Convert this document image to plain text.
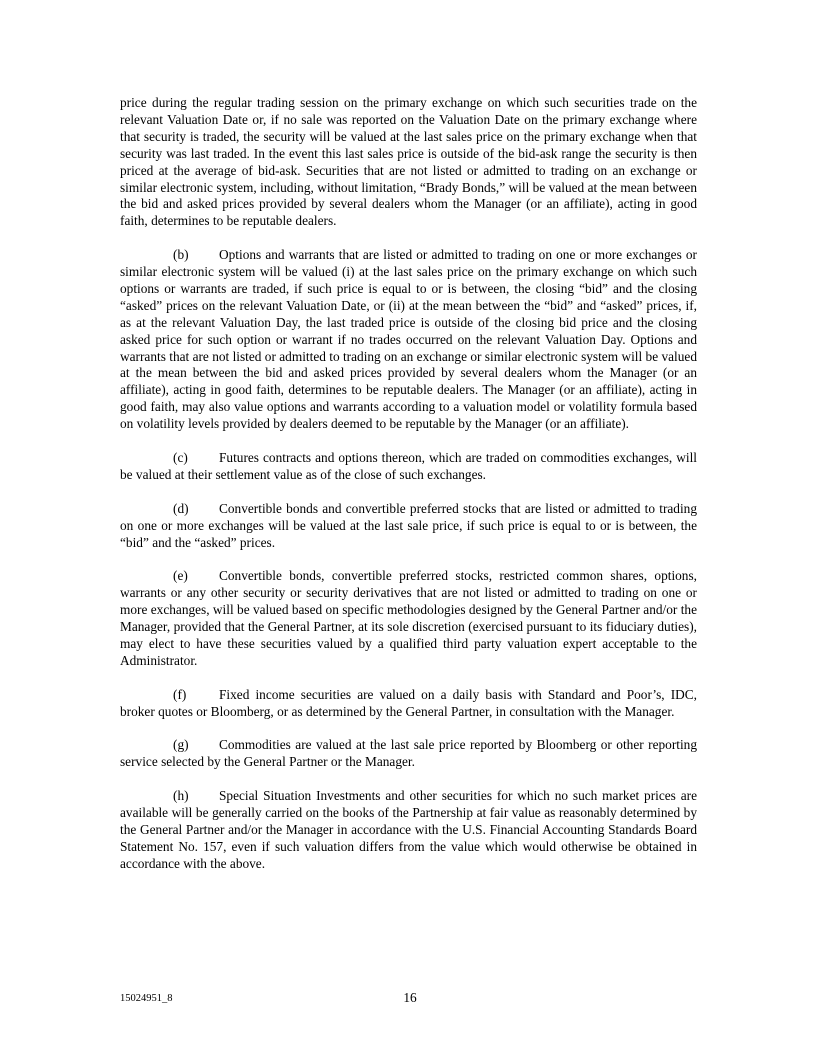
price during the regular trading session on the primary exchange on which such securities trade on the relevant Valuation Date or, if no sale was reported on the Valuation Date on the primary exchange where that security is traded, the security will be valued at the last sales price on the primary exchange when that security was last traded. In the event this last sales price is outside of the bid-ask range the security is then priced at the average of bid-ask. Securities that are not listed or admitted to trading on an exchange or similar electronic system, including, without limitation, “Brady Bonds,” will be valued at the mean between the bid and asked prices provided by several dealers whom the Manager (or an affiliate), acting in good faith, determines to be reputable dealers.

(b) Options and warrants that are listed or admitted to trading on one or more exchanges or similar electronic system will be valued (i) at the last sales price on the primary exchange on which such options or warrants are traded, if such price is equal to or is between, the closing “bid” and the closing “asked” prices on the relevant Valuation Date, or (ii) at the mean between the “bid” and “asked” prices, if, as at the relevant Valuation Day, the last traded price is outside of the closing bid price and the closing asked price for such option or warrant if no trades occurred on the relevant Valuation Day. Options and warrants that are not listed or admitted to trading on an exchange or similar electronic system will be valued at the mean between the bid and asked prices provided by several dealers whom the Manager (or an affiliate), acting in good faith, determines to be reputable dealers. The Manager (or an affiliate), acting in good faith, may also value options and warrants according to a valuation model or volatility formula based on volatility levels provided by dealers deemed to be reputable by the Manager (or an affiliate).

(c) Futures contracts and options thereon, which are traded on commodities exchanges, will be valued at their settlement value as of the close of such exchanges.

(d) Convertible bonds and convertible preferred stocks that are listed or admitted to trading on one or more exchanges will be valued at the last sale price, if such price is equal to or is between, the “bid” and the “asked” prices.

(e) Convertible bonds, convertible preferred stocks, restricted common shares, options, warrants or any other security or security derivatives that are not listed or admitted to trading on one or more exchanges, will be valued based on specific methodologies designed by the General Partner and/or the Manager, provided that the General Partner, at its sole discretion (exercised pursuant to its fiduciary duties), may elect to have these securities valued by a qualified third party valuation expert acceptable to the Administrator.

(f) Fixed income securities are valued on a daily basis with Standard and Poor’s, IDC, broker quotes or Bloomberg, or as determined by the General Partner, in consultation with the Manager.

(g) Commodities are valued at the last sale price reported by Bloomberg or other reporting service selected by the General Partner or the Manager.

(h) Special Situation Investments and other securities for which no such market prices are available will be generally carried on the books of the Partnership at fair value as reasonably determined by the General Partner and/or the Manager in accordance with the U.S. Financial Accounting Standards Board Statement No. 157, even if such valuation differs from the value which would otherwise be obtained in accordance with the above.

15024951_8	16
